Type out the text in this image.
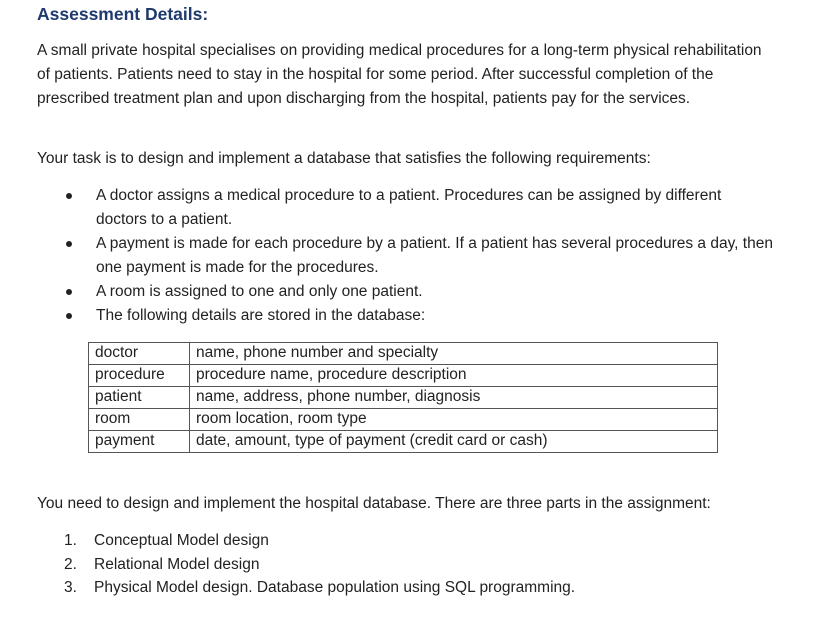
Assessment Details:

A small private hospital specialises on providing medical procedures for a long-term physical rehabilitation of patients. Patients need to stay in the hospital for some period. After successful completion of the prescribed treatment plan and upon discharging from the hospital, patients pay for the services.

Your task is to design and implement a database that satisfies the following requirements:

A doctor assigns a medical procedure to a patient. Procedures can be assigned by different doctors to a patient.
A payment is made for each procedure by a patient. If a patient has several procedures a day, then one payment is made for the procedures.
A room is assigned to one and only one patient.
The following details are stored in the database:
doctor	name, phone number and specialty
procedure	procedure name, procedure description
patient	name, address, phone number, diagnosis
room	room location, room type
payment	date, amount, type of payment (credit card or cash)

You need to design and implement the hospital database. There are three parts in the assignment:

1.	Conceptual Model design
2.	Relational Model design
3.	Physical Model design. Database population using SQL programming.
